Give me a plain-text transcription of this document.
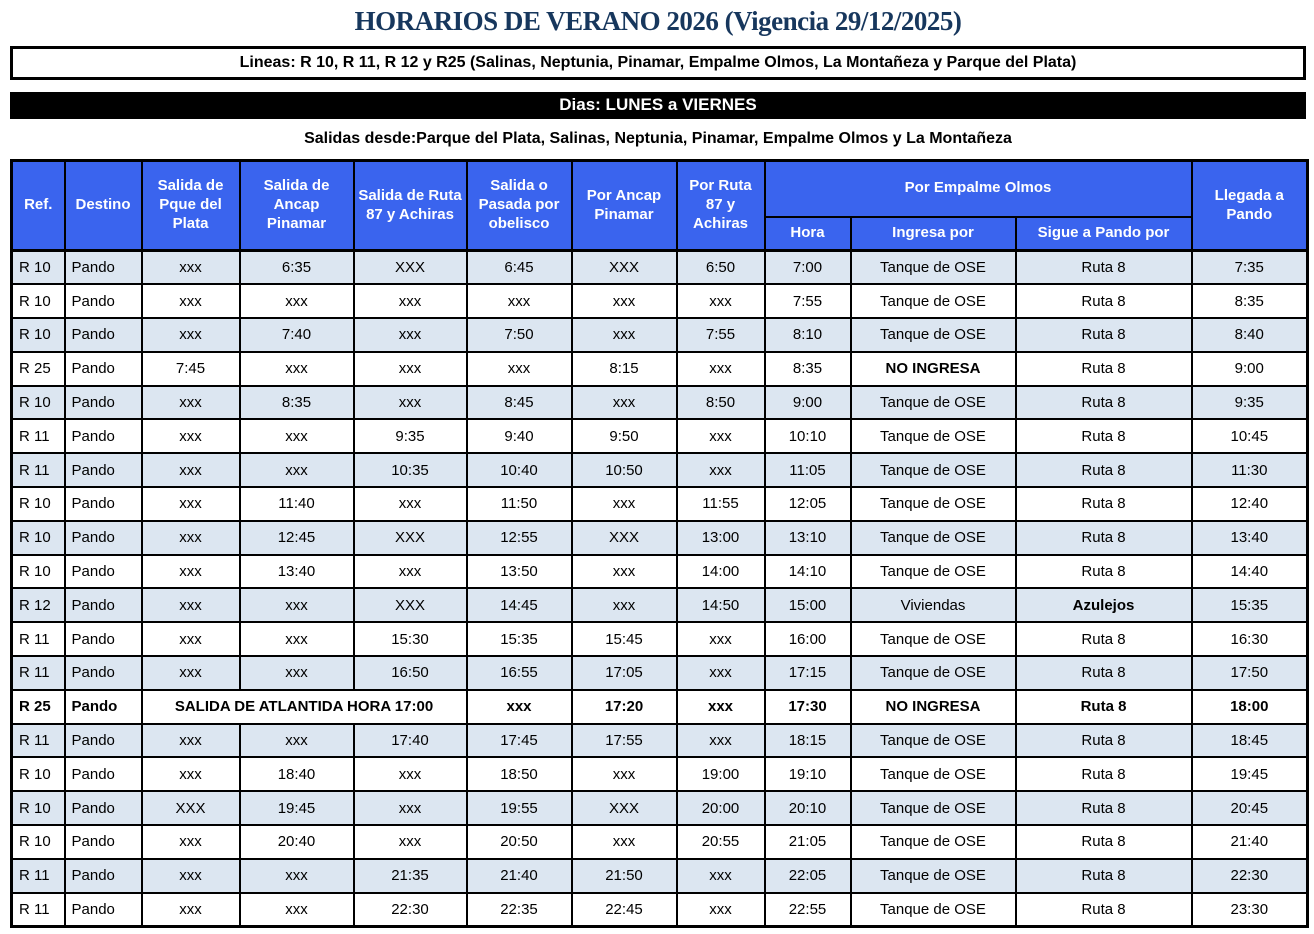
HORARIOS DE VERANO 2026 (Vigencia 29/12/2025)
Lineas: R 10, R 11, R 12 y R25 (Salinas, Neptunia, Pinamar, Empalme Olmos, La Montañeza y Parque del Plata)
Dias: LUNES a VIERNES
Salidas desde:Parque del Plata, Salinas, Neptunia, Pinamar, Empalme Olmos y La Montañeza
Ref.	Destino	Salida de Pque del Plata	Salida de Ancap Pinamar	Salida de Ruta 87 y Achiras	Salida o Pasada por obelisco	Por Ancap Pinamar	Por Ruta 87 y Achiras	Por Empalme Olmos			Llegada a Pando
								Hora	Ingresa por	Sigue a Pando por	
R 10	Pando	xxx	6:35	XXX	6:45	XXX	6:50	7:00	Tanque de OSE	Ruta 8	7:35
R 10	Pando	xxx	xxx	xxx	xxx	xxx	xxx	7:55	Tanque de OSE	Ruta 8	8:35
R 10	Pando	xxx	7:40	xxx	7:50	xxx	7:55	8:10	Tanque de OSE	Ruta 8	8:40
R 25	Pando	7:45	xxx	xxx	xxx	8:15	xxx	8:35	NO INGRESA	Ruta 8	9:00
R 10	Pando	xxx	8:35	xxx	8:45	xxx	8:50	9:00	Tanque de OSE	Ruta 8	9:35
R 11	Pando	xxx	xxx	9:35	9:40	9:50	xxx	10:10	Tanque de OSE	Ruta 8	10:45
R 11	Pando	xxx	xxx	10:35	10:40	10:50	xxx	11:05	Tanque de OSE	Ruta 8	11:30
R 10	Pando	xxx	11:40	xxx	11:50	xxx	11:55	12:05	Tanque de OSE	Ruta 8	12:40
R 10	Pando	xxx	12:45	XXX	12:55	XXX	13:00	13:10	Tanque de OSE	Ruta 8	13:40
R 10	Pando	xxx	13:40	xxx	13:50	xxx	14:00	14:10	Tanque de OSE	Ruta 8	14:40
R 12	Pando	xxx	xxx	XXX	14:45	xxx	14:50	15:00	Viviendas	Azulejos	15:35
R 11	Pando	xxx	xxx	15:30	15:35	15:45	xxx	16:00	Tanque de OSE	Ruta 8	16:30
R 11	Pando	xxx	xxx	16:50	16:55	17:05	xxx	17:15	Tanque de OSE	Ruta 8	17:50
R 25	Pando	SALIDA DE ATLANTIDA HORA 17:00			xxx	17:20	xxx	17:30	NO INGRESA	Ruta 8	18:00
R 11	Pando	xxx	xxx	17:40	17:45	17:55	xxx	18:15	Tanque de OSE	Ruta 8	18:45
R 10	Pando	xxx	18:40	xxx	18:50	xxx	19:00	19:10	Tanque de OSE	Ruta 8	19:45
R 10	Pando	XXX	19:45	xxx	19:55	XXX	20:00	20:10	Tanque de OSE	Ruta 8	20:45
R 10	Pando	xxx	20:40	xxx	20:50	xxx	20:55	21:05	Tanque de OSE	Ruta 8	21:40
R 11	Pando	xxx	xxx	21:35	21:40	21:50	xxx	22:05	Tanque de OSE	Ruta 8	22:30
R 11	Pando	xxx	xxx	22:30	22:35	22:45	xxx	22:55	Tanque de OSE	Ruta 8	23:30
